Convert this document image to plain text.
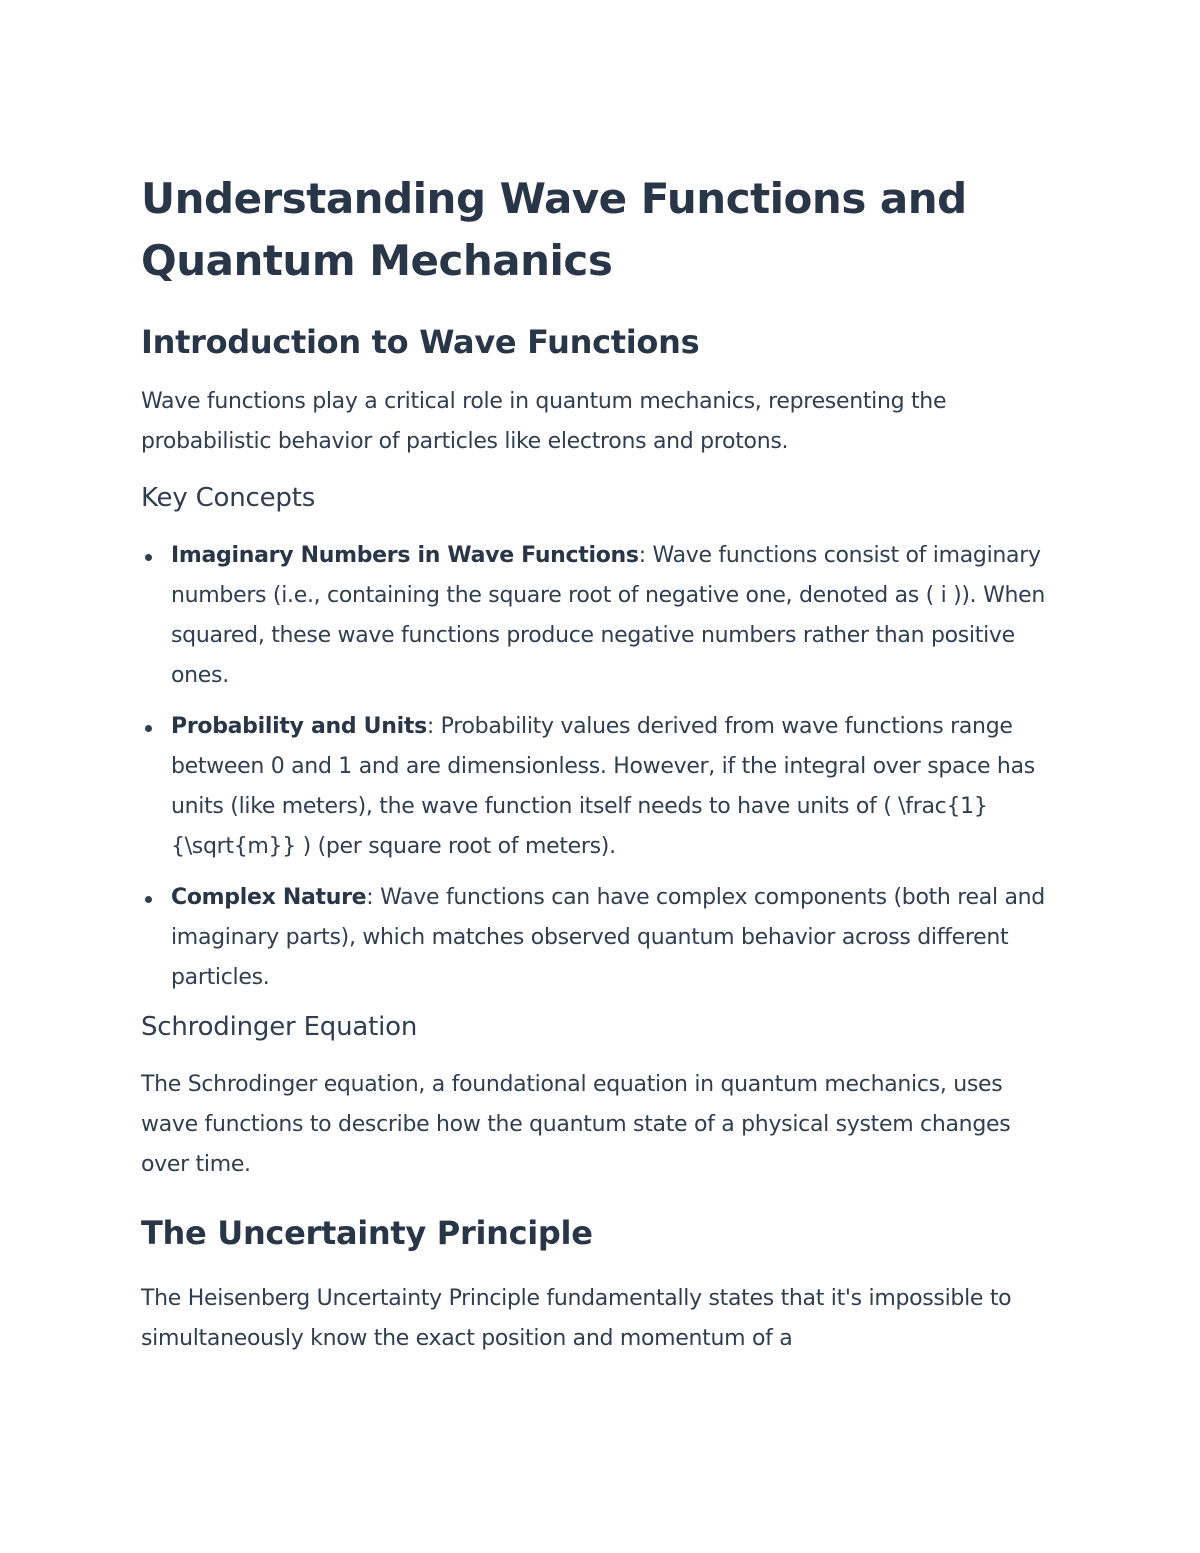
Understanding Wave Functions and Quantum Mechanics
Introduction to Wave Functions

Wave functions play a critical role in quantum mechanics, representing the probabilistic behavior of particles like electrons and protons.

Key Concepts
Imaginary Numbers in Wave Functions: Wave functions consist of imaginary numbers (i.e., containing the square root of negative one, denoted as ( i )). When squared, these wave functions produce negative numbers rather than positive ones.
Probability and Units: Probability values derived from wave functions range between 0 and 1 and are dimensionless. However, if the integral over space has units (like meters), the wave function itself needs to have units of ( \frac{1}{\sqrt{m}} ) (per square root of meters).
Complex Nature: Wave functions can have complex components (both real and imaginary parts), which matches observed quantum behavior across different particles.
Schrodinger Equation

The Schrodinger equation, a foundational equation in quantum mechanics, uses wave functions to describe how the quantum state of a physical system changes over time.

The Uncertainty Principle

The Heisenberg Uncertainty Principle fundamentally states that it's impossible to simultaneously know the exact position and momentum of a
